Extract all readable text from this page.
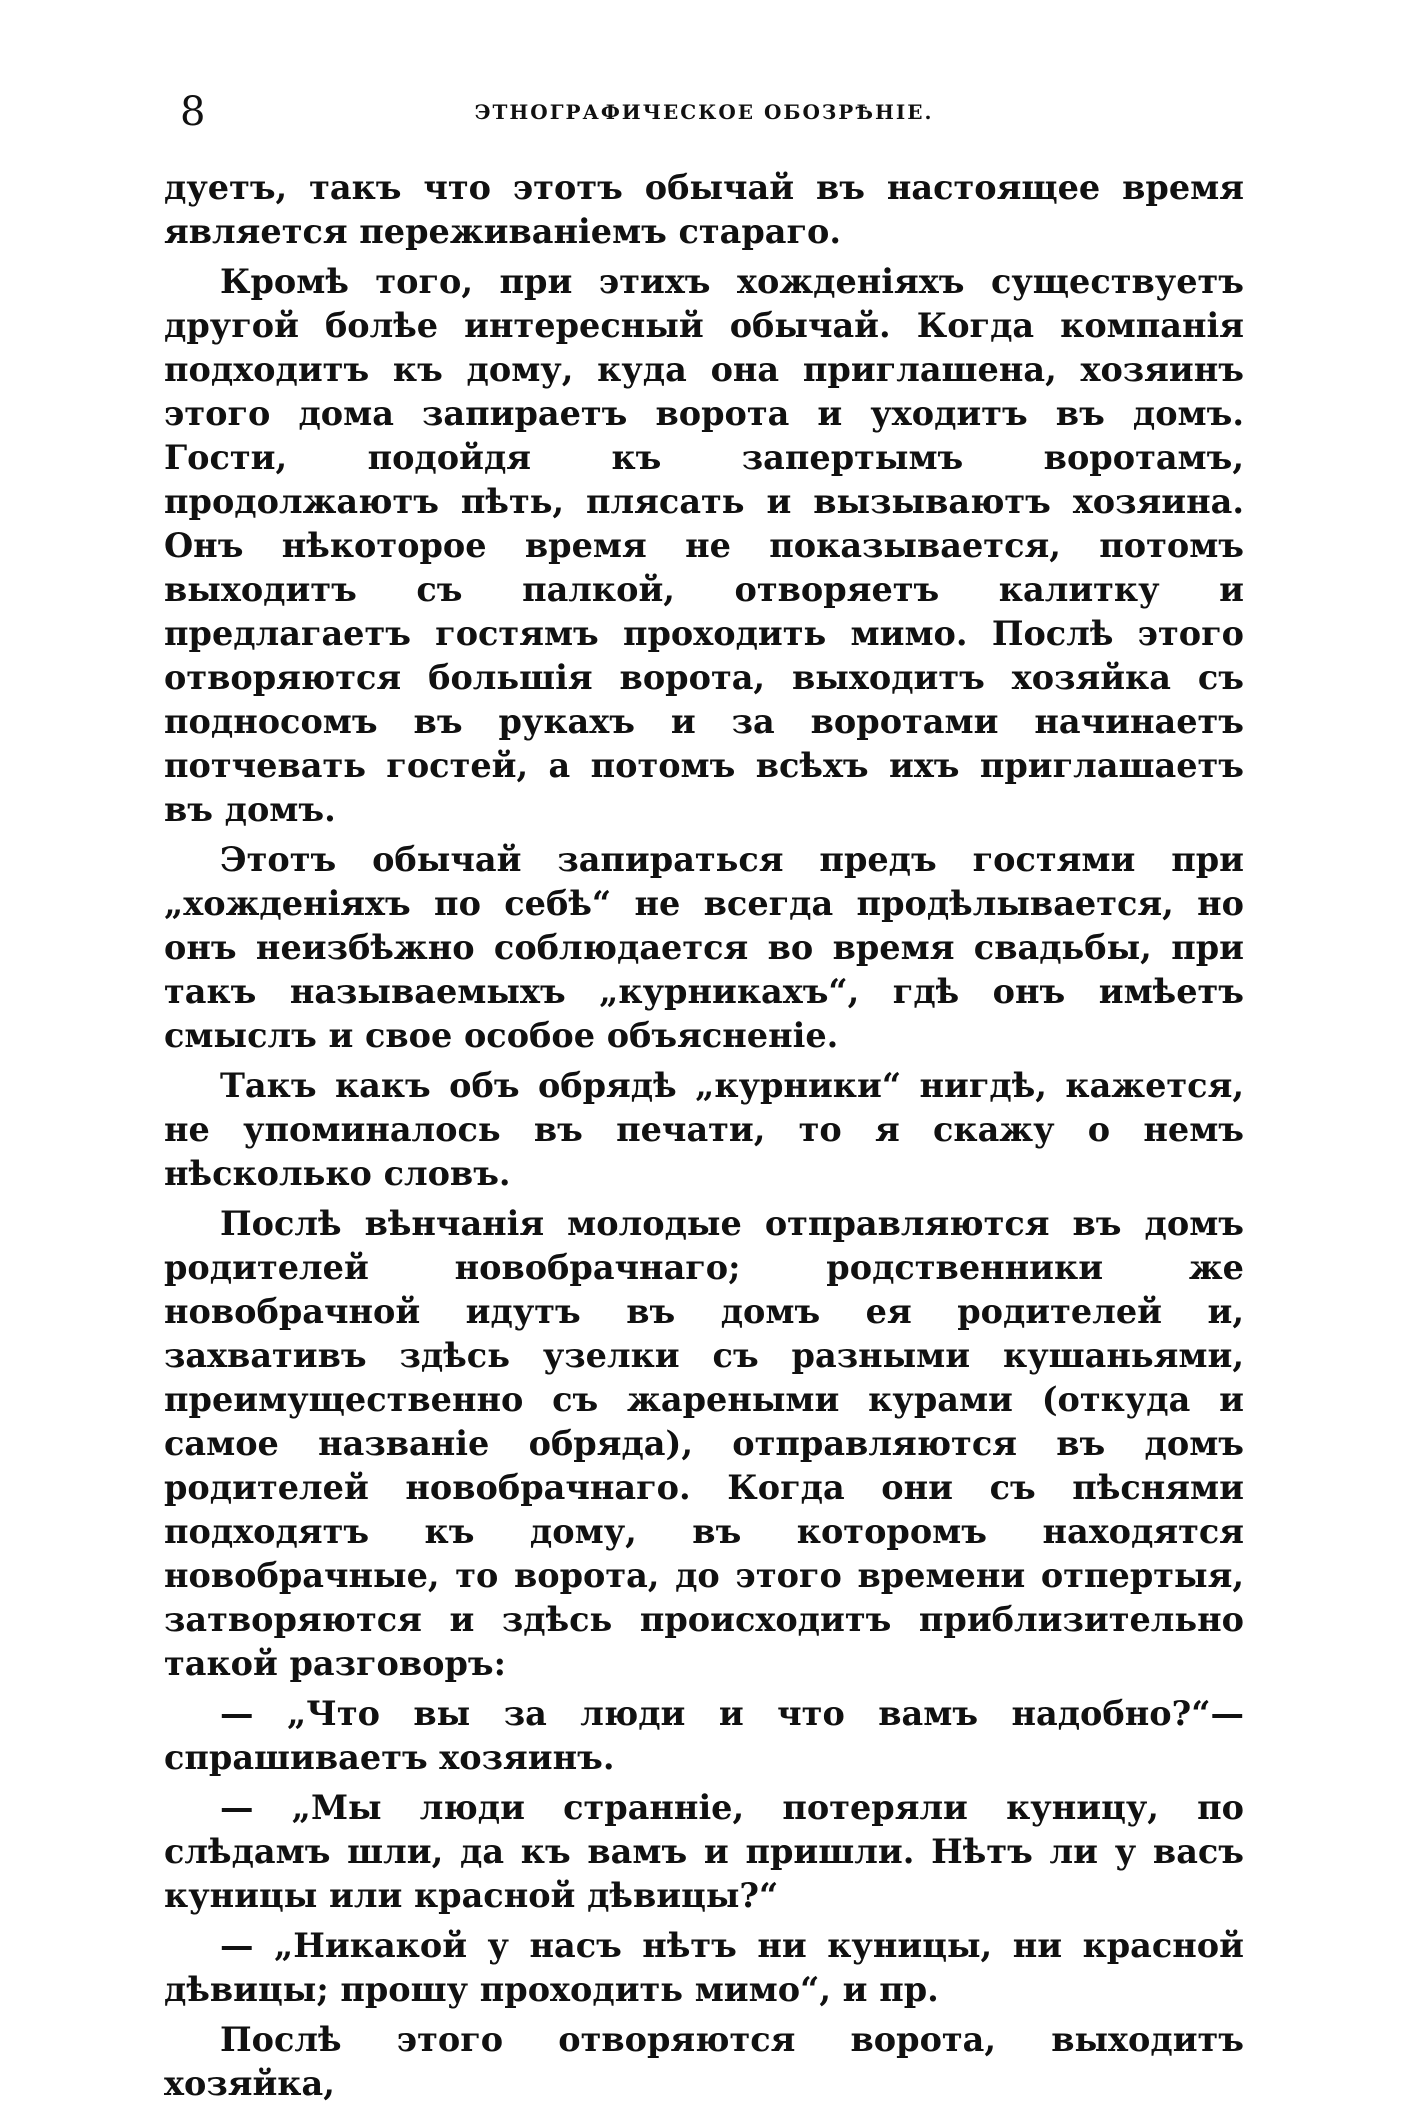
8	ЭТНОГРАФИЧЕСКОЕ ОБОЗРѢНІЕ.

дуетъ, такъ что этотъ обычай въ настоящее время является переживаніемъ стараго.

Кромѣ того, при этихъ хожденіяхъ существуетъ другой болѣе интересный обычай. Когда компанія подходитъ къ дому, куда она приглашена, хозяинъ этого дома запираетъ ворота и уходитъ въ домъ. Гости, подойдя къ запертымъ воротамъ, продолжаютъ пѣть, плясать и вызываютъ хозяина. Онъ нѣкоторое время не показывается, потомъ выходитъ съ палкой, отворяетъ калитку и предлагаетъ гостямъ проходить мимо. Послѣ этого отворяются большія ворота, выходитъ хозяйка съ подносомъ въ рукахъ и за воротами начинаетъ потчевать гостей, а потомъ всѣхъ ихъ приглашаетъ въ домъ.

Этотъ обычай запираться предъ гостями при „хожденіяхъ по себѣ“ не всегда продѣлывается, но онъ неизбѣжно соблюдается во время свадьбы, при такъ называемыхъ „курникахъ“, гдѣ онъ имѣетъ смыслъ и свое особое объясненіе.

Такъ какъ объ обрядѣ „курники“ нигдѣ, кажется, не упоминалось въ печати, то я скажу о немъ нѣсколько словъ.

Послѣ вѣнчанія молодые отправляются въ домъ родителей новобрачнаго; родственники же новобрачной идутъ въ домъ ея родителей и, захвативъ здѣсь узелки съ разными кушаньями, преимущественно съ жареными курами (откуда и самое названіе обряда), отправляются въ домъ родителей новобрачнаго. Когда они съ пѣснями подходятъ къ дому, въ которомъ находятся новобрачные, то ворота, до этого времени отпертыя, затворяются и здѣсь происходитъ приблизительно такой разговоръ:

— „Что вы за люди и что вамъ надобно?“—спрашиваетъ хозяинъ.

— „Мы люди странніе, потеряли куницу, по слѣдамъ шли, да къ вамъ и пришли. Нѣтъ ли у васъ куницы или красной дѣвицы?“

— „Никакой у насъ нѣтъ ни куницы, ни красной дѣвицы; прошу проходить мимо“, и пр.

Послѣ этого отворяются ворота, выходитъ хозяйка,
